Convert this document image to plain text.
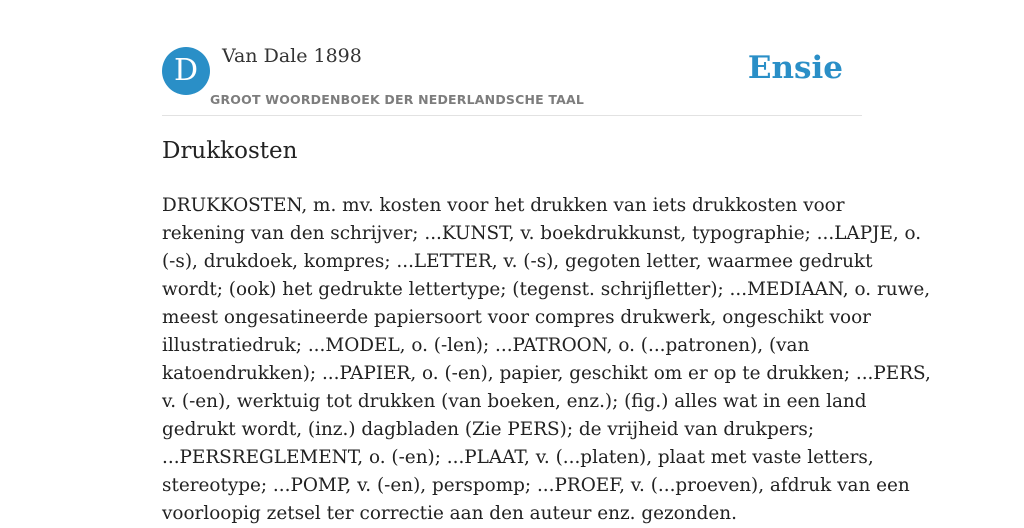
D	Van Dale 1898
GROOT WOORDENBOEK DER NEDERLANDSCHE TAAL
Ensie
Drukkosten

DRUKKOSTEN, m. mv. kosten voor het drukken van iets drukkosten voor
rekening van den schrijver; ...KUNST, v. boekdrukkunst, typographie; ...LAPJE, o.
(-s), drukdoek, kompres; ...LETTER, v. (-s), gegoten letter, waarmee gedrukt
wordt; (ook) het gedrukte lettertype; (tegenst. schrijfletter); ...MEDIAAN, o. ruwe,
meest ongesatineerde papiersoort voor compres drukwerk, ongeschikt voor
illustratiedruk; ...MODEL, o. (-len); ...PATROON, o. (...patronen), (van
katoendrukken); ...PAPIER, o. (-en), papier, geschikt om er op te drukken; ...PERS,
v. (-en), werktuig tot drukken (van boeken, enz.); (fig.) alles wat in een land
gedrukt wordt, (inz.) dagbladen (Zie PERS); de vrijheid van drukpers;
...PERSREGLEMENT, o. (-en); ...PLAAT, v. (...platen), plaat met vaste letters,
stereotype; ...POMP, v. (-en), perspomp; ...PROEF, v. (...proeven), afdruk van een
voorloopig zetsel ter correctie aan den auteur enz. gezonden.
